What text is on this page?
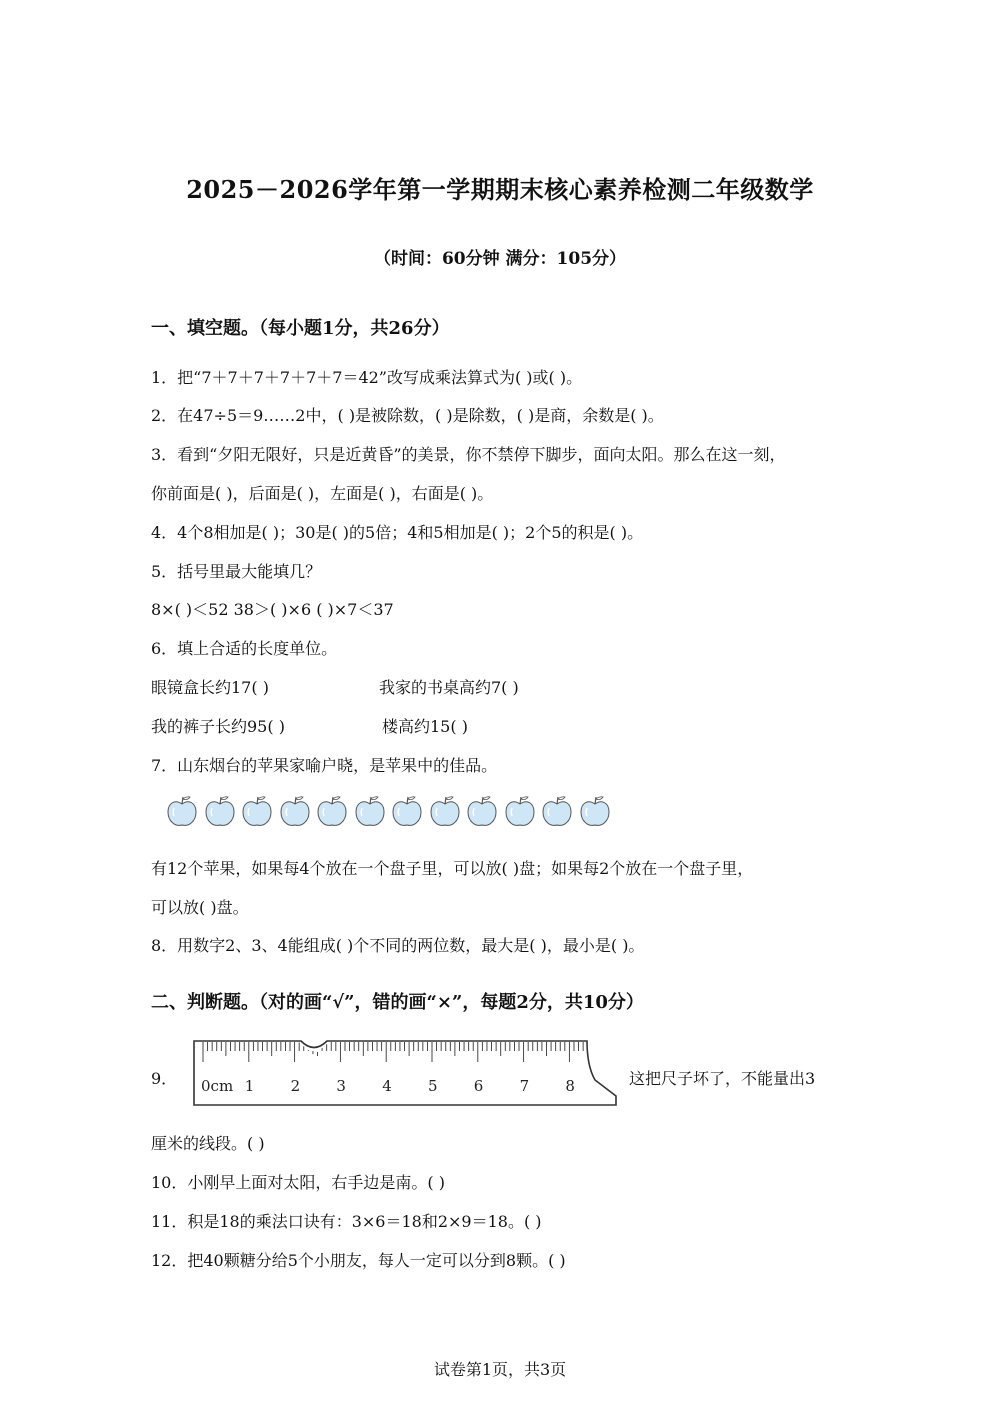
2025－2026学年第一学期期末核心素养检测二年级数学
（时间：60分钟 满分：105分）
一、填空题。（每小题1分，共26分）
1．把“7＋7＋7＋7＋7＋7＝42”改写成乘法算式为( )或( )。
2．在47÷5＝9……2中，( )是被除数，( )是除数，( )是商，余数是( )。
3．看到“夕阳无限好，只是近黄昏”的美景，你不禁停下脚步，面向太阳。那么在这一刻，
你前面是( )，后面是( )，左面是( )，右面是( )。
4．4个8相加是( )；30是( )的5倍；4和5相加是( )；2个5的积是( )。
5．括号里最大能填几？
8×( )＜52 38＞( )×6 ( )×7＜37
6．填上合适的长度单位。
眼镜盒长约17( )	我家的书桌高约7( )
我的裤子长约95( )	楼高约15( )
7．山东烟台的苹果家喻户晓，是苹果中的佳品。
有12个苹果，如果每4个放在一个盘子里，可以放( )盘；如果每2个放在一个盘子里，
可以放( )盘。
8．用数字2、3、4能组成( )个不同的两位数，最大是( )，最小是( )。
二、判断题。（对的画“√”，错的画“×”，每题2分，共10分）
9． 0cm 1 2 3 4 5 6 7 8	这把尺子坏了，不能量出3
厘米的线段。( )
10．小刚早上面对太阳，右手边是南。( )
11．积是18的乘法口诀有：3×6＝18和2×9＝18。( )
12．把40颗糖分给5个小朋友，每人一定可以分到8颗。( )
试卷第1页，共3页
